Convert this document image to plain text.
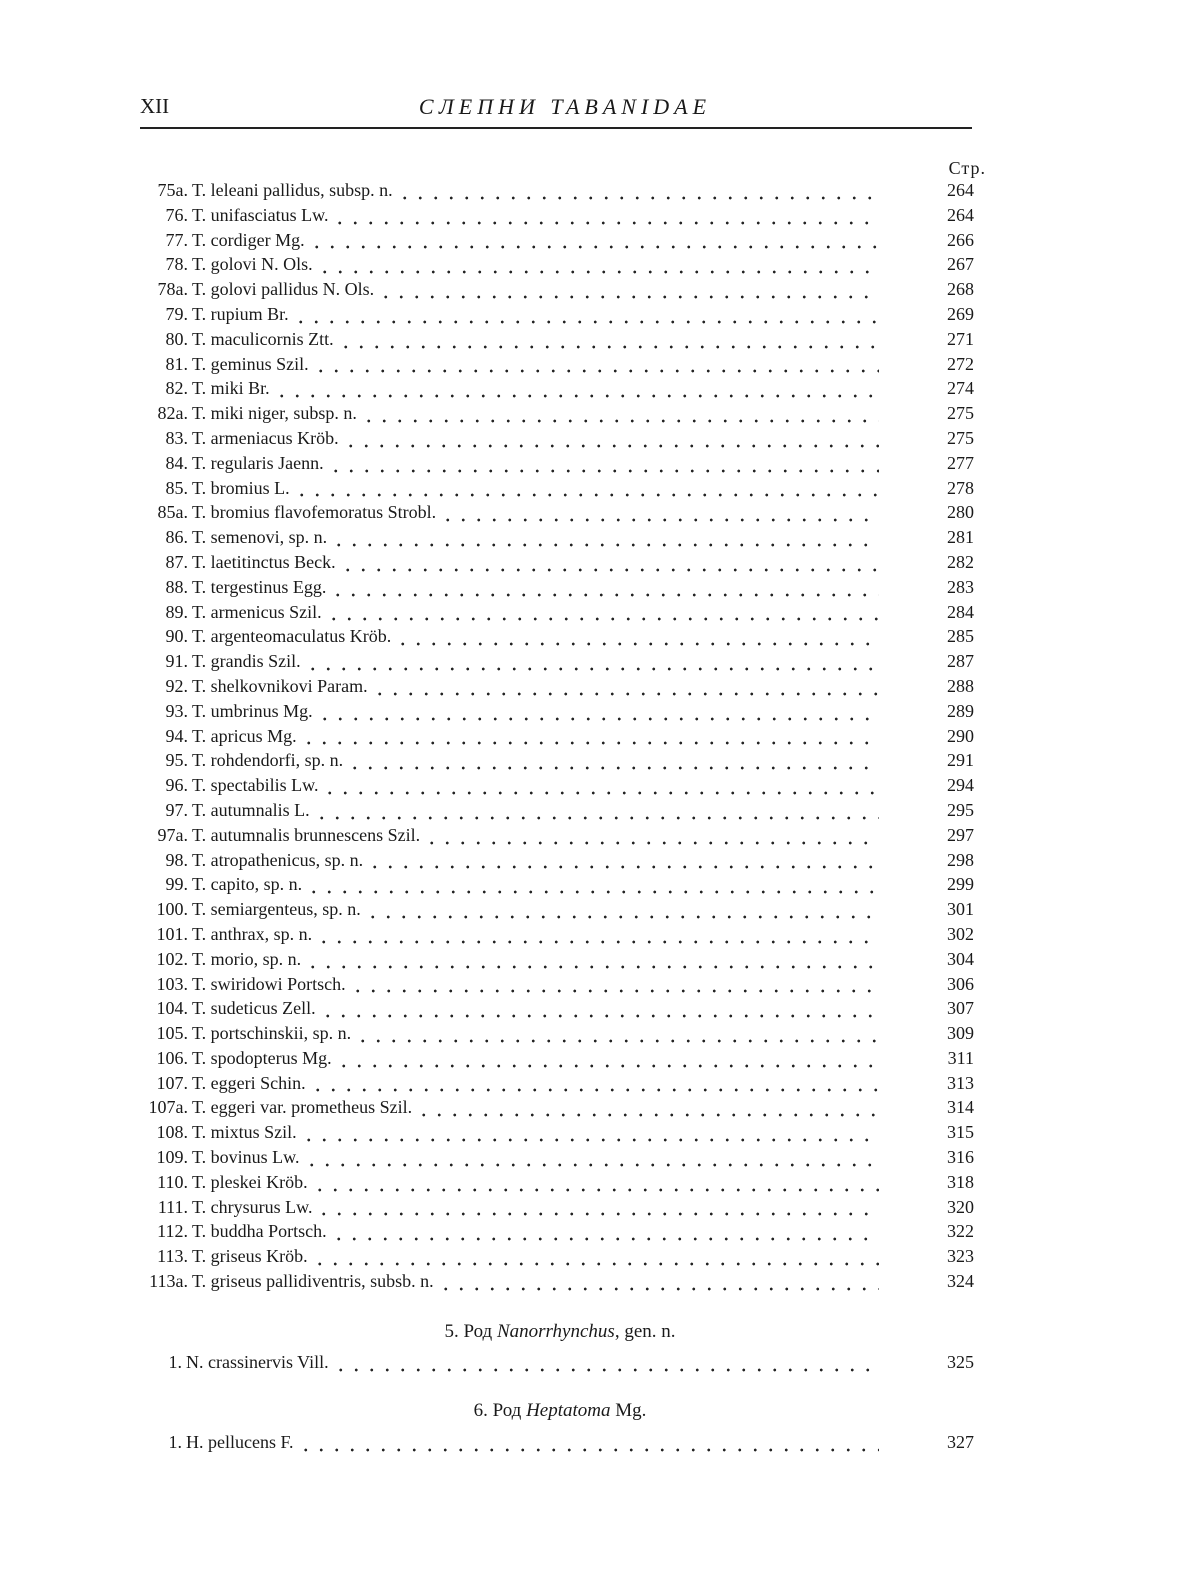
XII	СЛЕПНИ TABANIDAE
Стр.
75a. T. leleani pallidus, subsp. n.	264
76. T. unifasciatus Lw.	264
77. T. cordiger Mg.	266
78. T. golovi N. Ols.	267
78a. T. golovi pallidus N. Ols.	268
79. T. rupium Br.	269
80. T. maculicornis Ztt.	271
81. T. geminus Szil.	272
82. T. miki Br.	274
82a. T. miki niger, subsp. n.	275
83. T. armeniacus Kröb.	275
84. T. regularis Jaenn.	277
85. T. bromius L.	278
85a. T. bromius flavofemoratus Strobl.	280
86. T. semenovi, sp. n.	281
87. T. laetitinctus Beck.	282
88. T. tergestinus Egg.	283
89. T. armenicus Szil.	284
90. T. argenteomaculatus Kröb.	285
91. T. grandis Szil.	287
92. T. shelkovnikovi Param.	288
93. T. umbrinus Mg.	289
94. T. apricus Mg.	290
95. T. rohdendorfi, sp. n.	291
96. T. spectabilis Lw.	294
97. T. autumnalis L.	295
97a. T. autumnalis brunnescens Szil.	297
98. T. atropathenicus, sp. n.	298
99. T. capito, sp. n.	299
100. T. semiargenteus, sp. n.	301
101. T. anthrax, sp. n.	302
102. T. morio, sp. n.	304
103. T. swiridowi Portsch.	306
104. T. sudeticus Zell.	307
105. T. portschinskii, sp. n.	309
106. T. spodopterus Mg.	311
107. T. eggeri Schin.	313
107a. T. eggeri var. prometheus Szil.	314
108. T. mixtus Szil.	315
109. T. bovinus Lw.	316
110. T. pleskei Kröb.	318
111. T. chrysurus Lw.	320
112. T. buddha Portsch.	322
113. T. griseus Kröb.	323
113a. T. griseus pallidiventris, subsb. n.	324
5. Род Nanorrhynchus, gen. n.
1. N. crassinervis Vill.	325
6. Род Heptatoma Mg.
1. H. pellucens F.	327
